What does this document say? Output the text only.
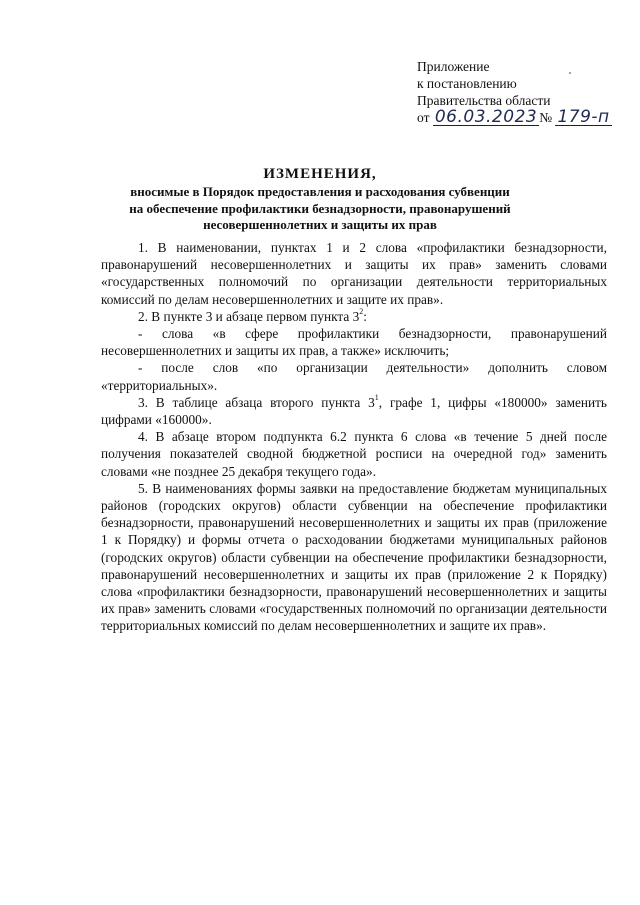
Приложение
к постановлению
Правительства области
от 06.03.2023 № 179-п
ИЗМЕНЕНИЯ,
вносимые в Порядок предоставления и расходования субвенции
на обеспечение профилактики безнадзорности, правонарушений
несовершеннолетних и защиты их прав

1. В наименовании, пунктах 1 и 2 слова «профилактики безнадзорности, правонарушений несовершеннолетних и защиты их прав» заменить словами «государственных полномочий по организации деятельности территориальных комиссий по делам несовершеннолетних и защите их прав».

2. В пункте 3 и абзаце первом пункта $3^2$:

- слова «в сфере профилактики безнадзорности, правонарушений несовершеннолетних и защиты их прав, а также» исключить;

- после слов «по организации деятельности» дополнить словом «территориальных».

3. В таблице абзаца второго пункта $3^1$, графе 1, цифры «180000» заменить цифрами «160000».

4. В абзаце втором подпункта 6.2 пункта 6 слова «в течение 5 дней после получения показателей сводной бюджетной росписи на очередной год» заменить словами «не позднее 25 декабря текущего года».

5. В наименованиях формы заявки на предоставление бюджетам муниципальных районов (городских округов) области субвенции на обеспечение профилактики безнадзорности, правонарушений несовершеннолетних и защиты их прав (приложение 1 к Порядку) и формы отчета о расходовании бюджетами муниципальных районов (городских округов) области субвенции на обеспечение профилактики безнадзорности, правонарушений несовершеннолетних и защиты их прав (приложение 2 к Порядку) слова «профилактики безнадзорности, правонарушений несовершеннолетних и защиты их прав» заменить словами «государственных полномочий по организации деятельности территориальных комиссий по делам несовершеннолетних и защите их прав».
